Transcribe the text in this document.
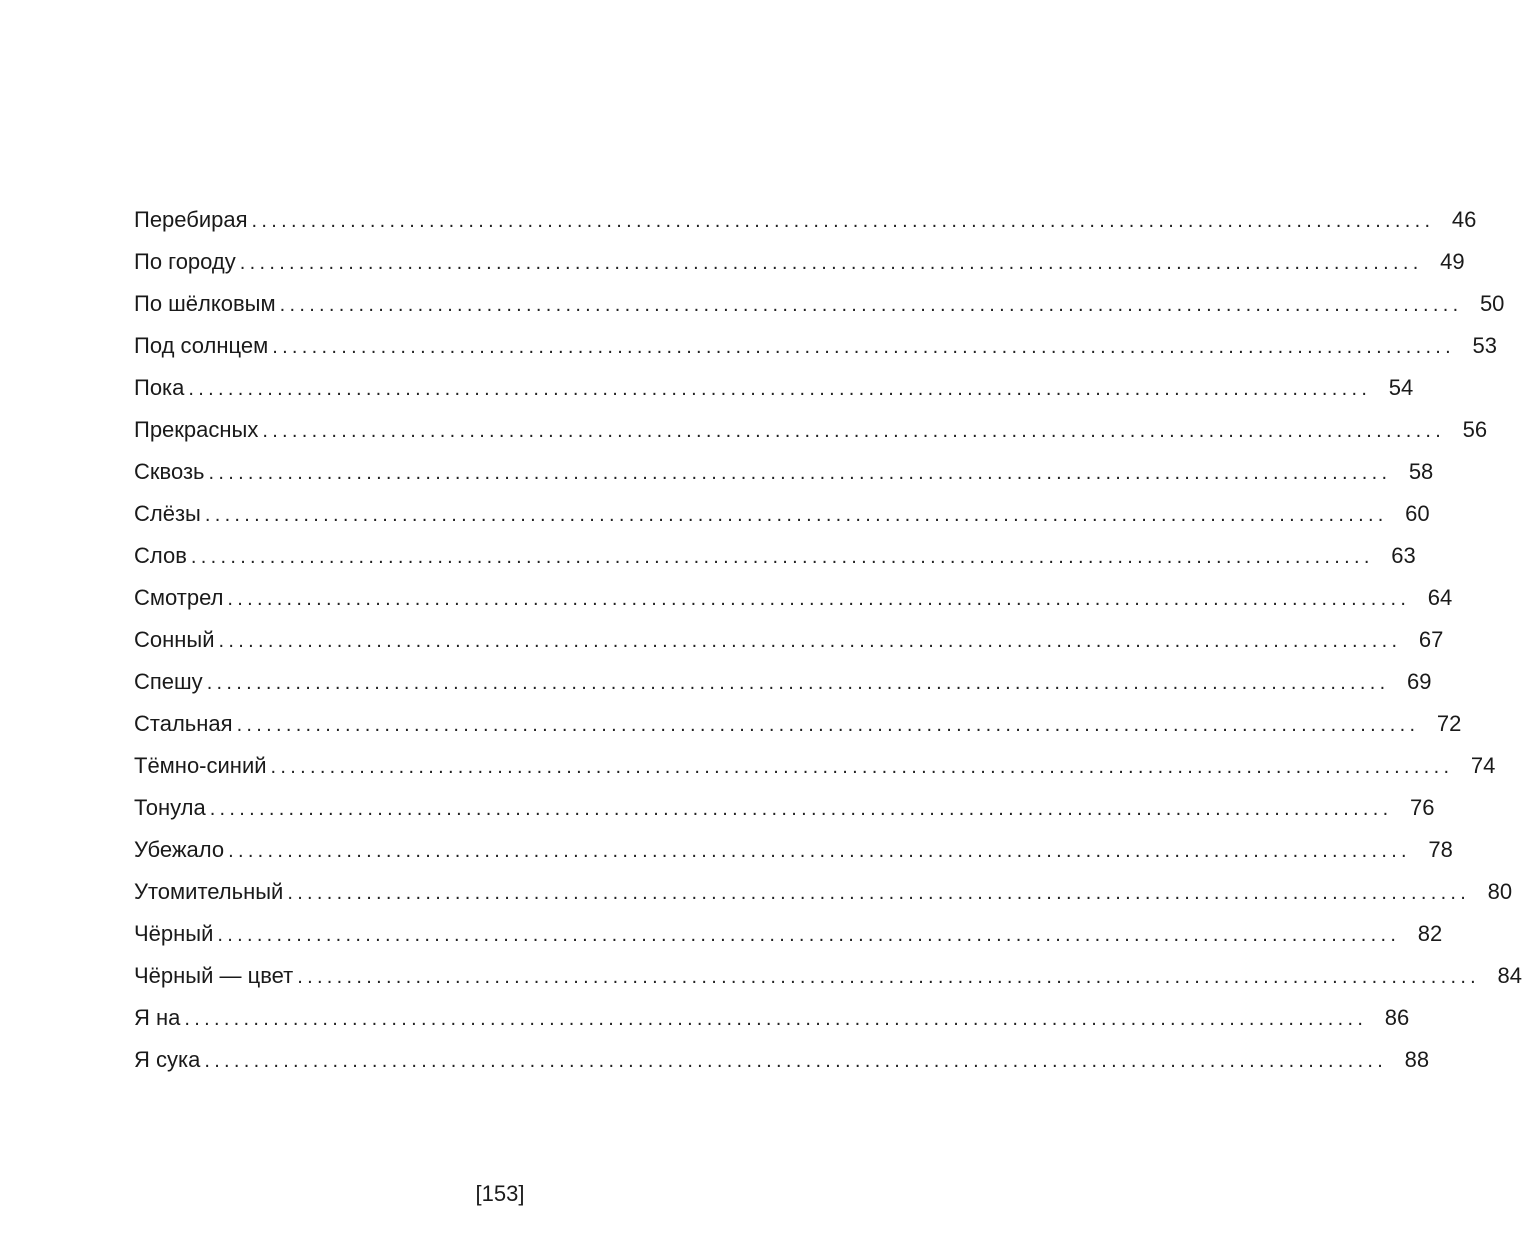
Перебирая ........................................................................................................................ 46
По городу ........................................................................................................................ 49
По шёлковым ........................................................................................................................ 50
Под солнцем ........................................................................................................................ 53
Пока ........................................................................................................................ 54
Прекрасных ........................................................................................................................ 56
Сквозь ........................................................................................................................ 58
Слёзы ........................................................................................................................ 60
Слов ........................................................................................................................ 63
Смотрел ........................................................................................................................ 64
Сонный ........................................................................................................................ 67
Спешу ........................................................................................................................ 69
Стальная ........................................................................................................................ 72
Тёмно-синий ........................................................................................................................ 74
Тонула ........................................................................................................................ 76
Убежало ........................................................................................................................ 78
Утомительный ........................................................................................................................ 80
Чёрный ........................................................................................................................ 82
Чёрный — цвет ........................................................................................................................ 84
Я на ........................................................................................................................ 86
Я сука ........................................................................................................................ 88
[153]
